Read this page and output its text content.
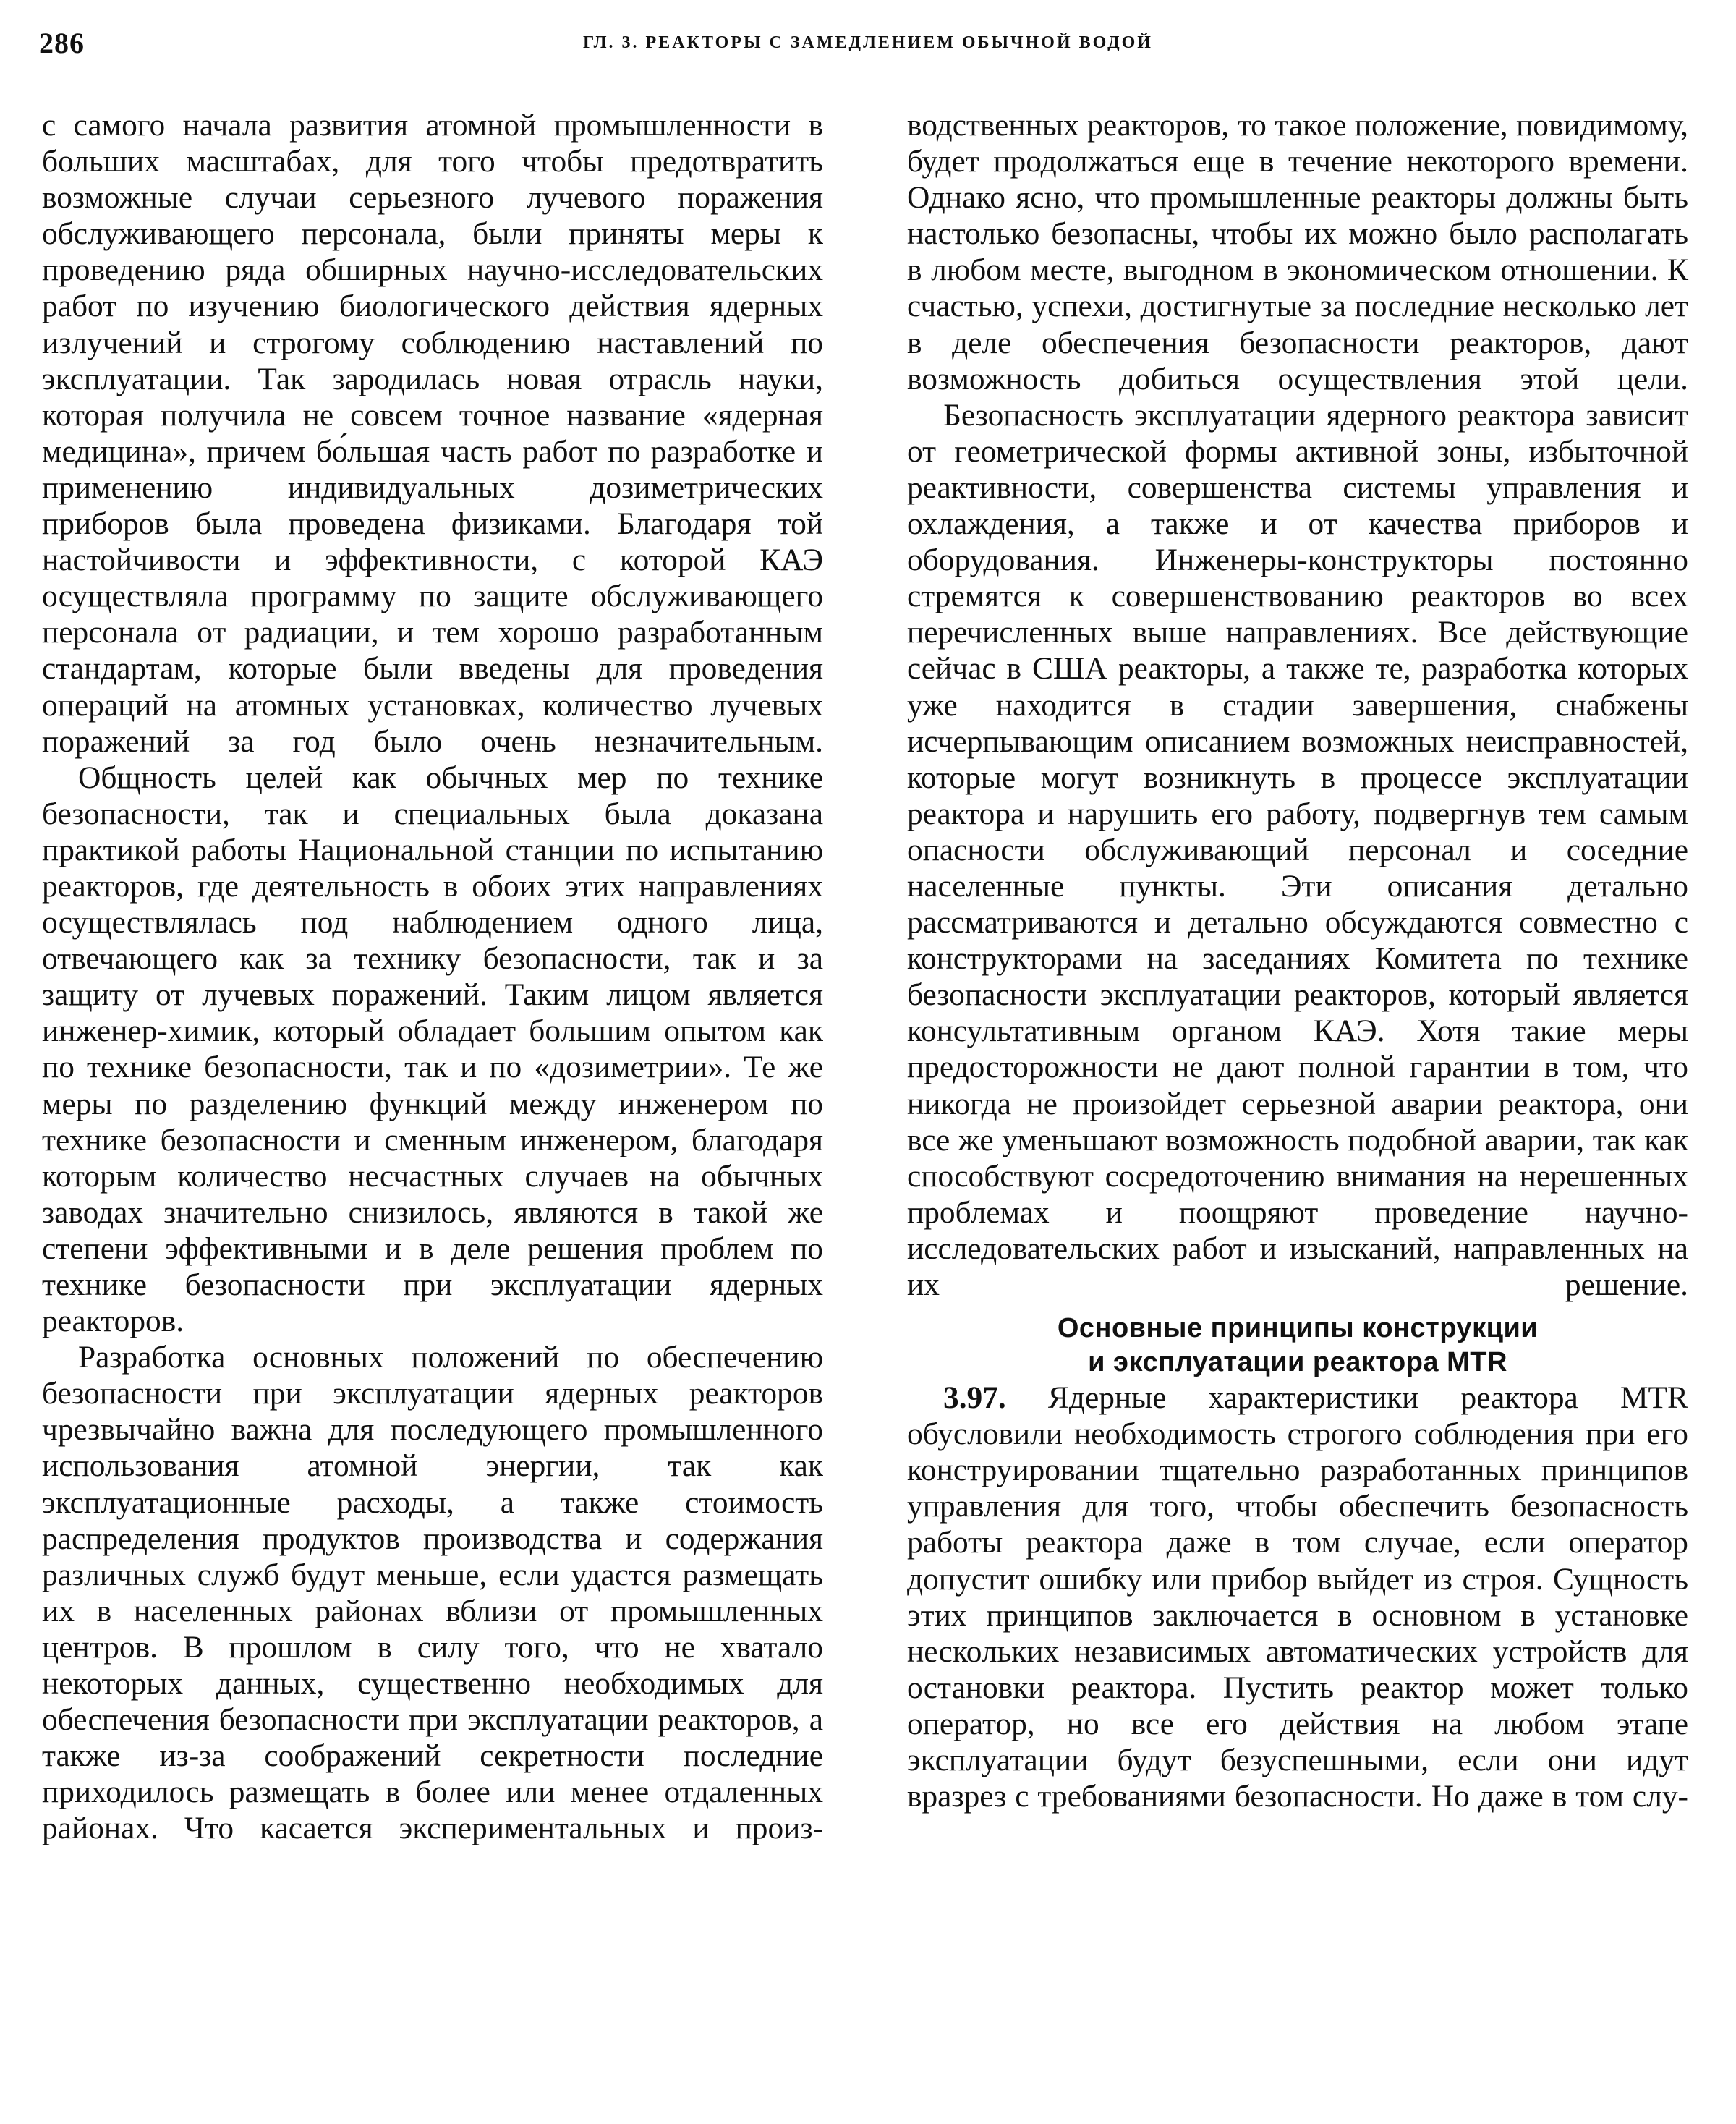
286	ГЛ. 3. РЕАКТОРЫ С ЗАМЕДЛЕНИЕМ ОБЫЧНОЙ ВОДОЙ

с самого начала развития атомной промышленности в больших масштабах, для того чтобы предотвратить возможные случаи серьезного лучевого поражения обслуживающего персонала, были приняты меры к проведению ряда обширных научно-исследовательских работ по изучению биологического действия ядерных излучений и строгому соблюдению наставлений по эксплуатации. Так зародилась новая отрасль науки, которая получила не совсем точное название «ядерная медицина», причем бо́льшая часть работ по разработке и применению индивидуальных дозиметрических приборов была проведена физиками. Благодаря той настойчивости и эффективности, с которой КАЭ осуществляла программу по защите обслуживающего персонала от радиации, и тем хорошо разработанным стандартам, которые были введены для проведения операций на атомных установках, количество лучевых поражений за год было очень незначительным.

Общность целей как обычных мер по технике безопасности, так и специальных была доказана практикой работы Национальной станции по испытанию реакторов, где деятельность в обоих этих направлениях осуществлялась под наблюдением одного лица, отвечающего как за технику безопасности, так и за защиту от лучевых поражений. Таким лицом является инженер-химик, который обладает большим опытом как по технике безопасности, так и по «дозиметрии». Те же меры по разделению функций между инженером по технике безопасности и сменным инженером, благодаря которым количество несчастных случаев на обычных заводах значительно снизилось, являются в такой же степени эффективными и в деле решения проблем по технике безопасности при эксплуатации ядерных реакторов.

Разработка основных положений по обеспечению безопасности при эксплуатации ядерных реакторов чрезвычайно важна для последующего промышленного использования атомной энергии, так как эксплуатационные расходы, а также стоимость распределения продуктов производства и содержания различных служб будут меньше, если удастся размещать их в населенных районах вблизи от промышленных центров. В прошлом в силу того, что не хватало некоторых данных, существенно необходимых для обеспечения безопасности при эксплуатации реакторов, а также из-за соображений секретности последние приходилось размещать в более или менее отдаленных районах. Что касается экспериментальных и произ-

водственных реакторов, то такое положение, повидимому, будет продолжаться еще в течение некоторого времени. Однако ясно, что промышленные реакторы должны быть настолько безопасны, чтобы их можно было располагать в любом месте, выгодном в экономическом отношении. К счастью, успехи, достигнутые за последние несколько лет в деле обеспечения безопасности реакторов, дают возможность добиться осуществления этой цели.

Безопасность эксплуатации ядерного реактора зависит от геометрической формы активной зоны, избыточной реактивности, совершенства системы управления и охлаждения, а также и от качества приборов и оборудования. Инженеры-конструкторы постоянно стремятся к совершенствованию реакторов во всех перечисленных выше направлениях. Все действующие сейчас в США реакторы, а также те, разработка которых уже находится в стадии завершения, снабжены исчерпывающим описанием возможных неисправностей, которые могут возникнуть в процессе эксплуатации реактора и нарушить его работу, подвергнув тем самым опасности обслуживающий персонал и соседние населенные пункты. Эти описания детально рассматриваются и детально обсуждаются совместно с конструкторами на заседаниях Комитета по технике безопасности эксплуатации реакторов, который является консультативным органом КАЭ. Хотя такие меры предосторожности не дают полной гарантии в том, что никогда не произойдет серьезной аварии реактора, они все же уменьшают возможность подобной аварии, так как способствуют сосредоточению внимания на нерешенных проблемах и поощряют проведение научно-исследовательских работ и изысканий, направленных на их решение.

Основные принципы конструкции
и эксплуатации реактора MTR

3.97. Ядерные характеристики реактора MTR обусловили необходимость строгого соблюдения при его конструировании тщательно разработанных принципов управления для того, чтобы обеспечить безопасность работы реактора даже в том случае, если оператор допустит ошибку или прибор выйдет из строя. Сущность этих принципов заключается в основном в установке нескольких независимых автоматических устройств для остановки реактора. Пустить реактор может только оператор, но все его действия на любом этапе эксплуатации будут безуспешными, если они идут вразрез с требованиями безопасности. Но даже в том слу-
